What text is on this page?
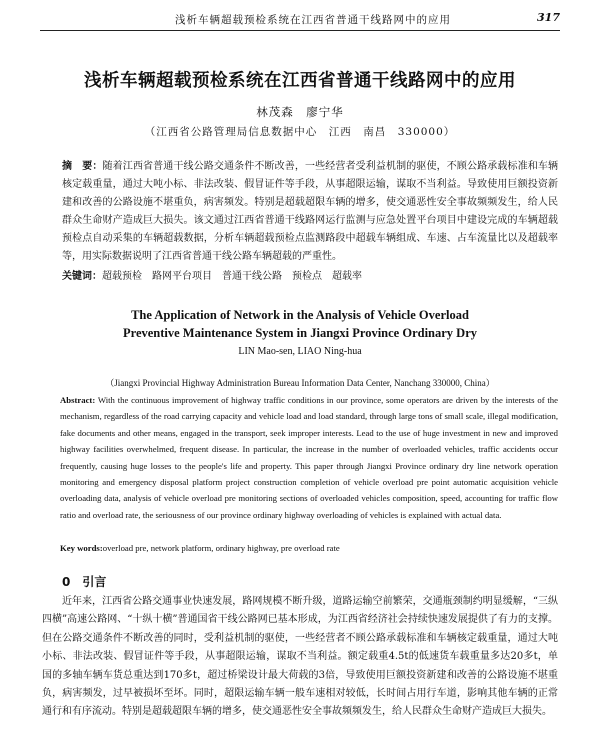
浅析车辆超载预检系统在江西省普通干线路网中的应用	317
浅析车辆超载预检系统在江西省普通干线路网中的应用
林茂森　廖宁华
（江西省公路管理局信息数据中心　江西　南昌　330000）
摘　要：随着江西省普通干线公路交通条件不断改善，一些经营者受利益机制的驱使，不顾公路承载标准和车辆核定载重量，通过大吨小标、非法改装、假冒证件等手段，从事超限运输，谋取不当利益。导致使用巨额投资新建和改善的公路设施不堪重负，病害频发。特别是超载超限车辆的增多，使交通恶性安全事故频频发生，给人民群众生命财产造成巨大损失。该文通过江西省普通干线路网运行监测与应急处置平台项目中建设完成的车辆超载预检点自动采集的车辆超载数据，分析车辆超载预检点监测路段中超载车辆组成、车速、占车流量比以及超载率等，用实际数据说明了江西省普通干线公路车辆超载的严重性。
关键词：超载预检　路网平台项目　普通干线公路　预检点　超载率
The Application of Network in the Analysis of Vehicle Overload
Preventive Maintenance System in Jiangxi Province Ordinary Dry
LIN Mao-sen, LIAO Ning-hua
（Jiangxi Provincial Highway Administration Bureau Information Data Center, Nanchang 330000, China）
Abstract: With the continuous improvement of highway traffic conditions in our province, some operators are driven by the interests of the mechanism, regardless of the road carrying capacity and vehicle load and load standard, through large tons of small scale, illegal modification, fake documents and other means, engaged in the transport, seek improper interests. Lead to the use of huge investment in new and improved highway facilities overwhelmed, frequent disease. In particular, the increase in the number of overloaded vehicles, traffic accidents occur frequently, causing huge losses to the people's life and property. This paper through Jiangxi Province ordinary dry line network operation monitoring and emergency disposal platform project construction completion of vehicle overload pre point automatic acquisition vehicle overloading data, analysis of vehicle overload pre monitoring sections of overloaded vehicles composition, speed, accounting for traffic flow ratio and overload rate, the seriousness of our province ordinary highway overloading of vehicles is explained with actual data.
Key words:overload pre, network platform, ordinary highway, pre overload rate
0　引言
近年来，江西省公路交通事业快速发展，路网规模不断升级，道路运输空前繁荣，交通瓶颈制约明显缓解，“三纵四横”高速公路网、“十纵十横”普通国省干线公路网已基本形成，为江西省经济社会持续快速发展提供了有力的支撑。但在公路交通条件不断改善的同时，受利益机制的驱使，一些经营者不顾公路承载标准和车辆核定载重量，通过大吨小标、非法改装、假冒证件等手段，从事超限运输，谋取不当利益。额定载重4.5t的低速货车载重量多达20多t，单国的多轴车辆车货总重达到170多t，超过桥梁设计最大荷载的3倍，导致使用巨额投资新建和改善的公路设施不堪重负，病害频发，过早被损坏至坏。同时，超限运输车辆一般车速相对较低，长时间占用行车道，影响其他车辆的正常通行和有序流动。特别是超载超限车辆的增多，使交通恶性安全事故频频发生，给人民群众生命财产造成巨大损失。
